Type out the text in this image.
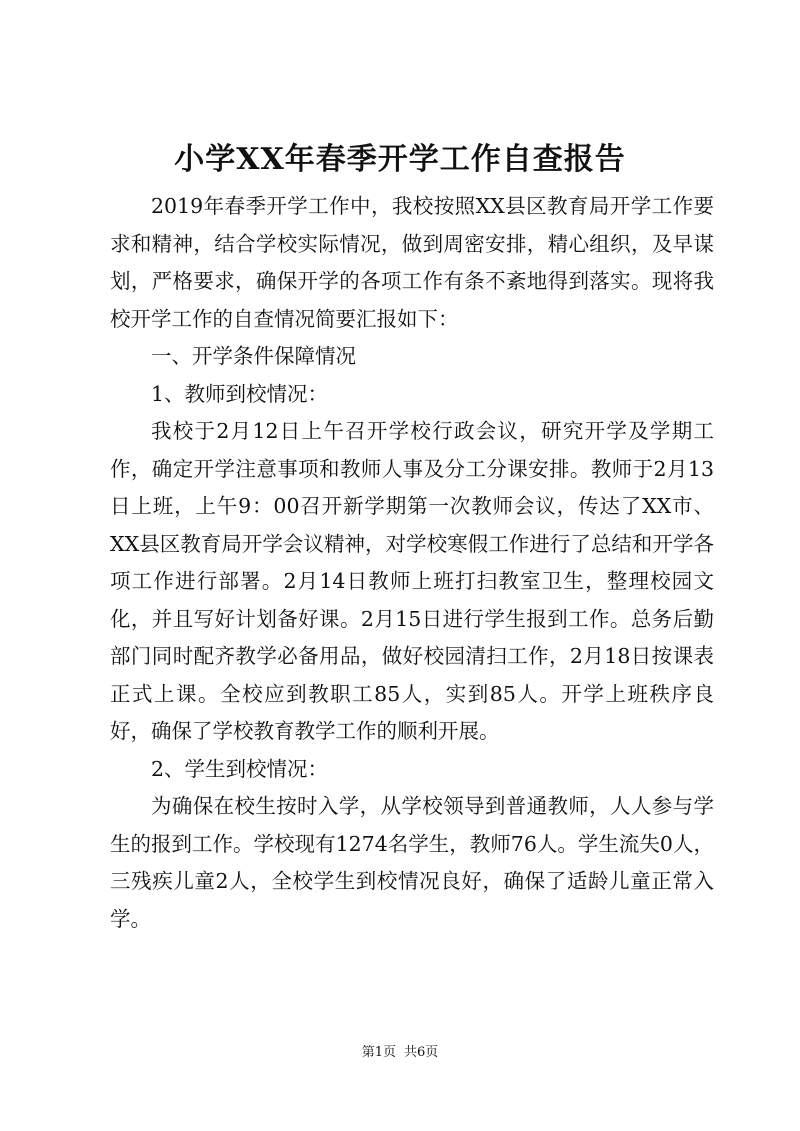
小学XX年春季开学工作自查报告

2019年春季开学工作中，我校按照XX县区教育局开学工作要求和精神，结合学校实际情况，做到周密安排，精心组织，及早谋划，严格要求，确保开学的各项工作有条不紊地得到落实。现将我校开学工作的自查情况简要汇报如下：

一、开学条件保障情况

1、教师到校情况：

我校于2月12日上午召开学校行政会议，研究开学及学期工作，确定开学注意事项和教师人事及分工分课安排。教师于2月13日上班，上午9：00召开新学期第一次教师会议，传达了XX市、XX县区教育局开学会议精神，对学校寒假工作进行了总结和开学各项工作进行部署。2月14日教师上班打扫教室卫生，整理校园文化，并且写好计划备好课。2月15日进行学生报到工作。总务后勤部门同时配齐教学必备用品，做好校园清扫工作，2月18日按课表正式上课。全校应到教职工85人，实到85人。开学上班秩序良好，确保了学校教育教学工作的顺利开展。

2、学生到校情况：

为确保在校生按时入学，从学校领导到普通教师，人人参与学生的报到工作。学校现有1274名学生，教师76人。学生流失0人，三残疾儿童2人，全校学生到校情况良好，确保了适龄儿童正常入学。

第1页 共6页
